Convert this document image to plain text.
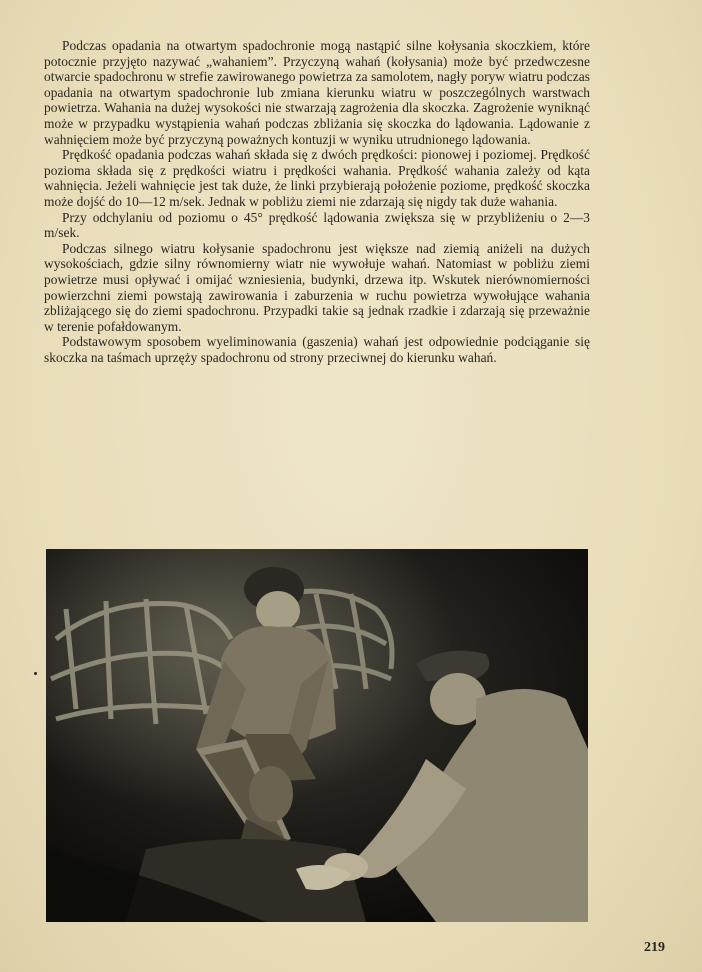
Podczas opadania na otwartym spadochronie mogą nastąpić silne kołysania skoczkiem, które potocznie przyjęto nazywać „wahaniem”. Przyczyną wahań (kołysania) może być przedwczesne otwarcie spadochronu w strefie zawirowanego powietrza za samolotem, nagły poryw wiatru podczas opadania na otwartym spadochronie lub zmiana kierunku wiatru w poszczególnych warstwach powietrza. Wahania na dużej wysokości nie stwarzają zagrożenia dla skoczka. Zagrożenie wyniknąć może w przypadku wystąpienia wahań podczas zbliżania się skoczka do lądowania. Lądowanie z wahnięciem może być przyczyną poważnych kontuzji w wyniku utrudnionego lądowania.

Prędkość opadania podczas wahań składa się z dwóch prędkości: pionowej i poziomej. Prędkość pozioma składa się z prędkości wiatru i prędkości wahania. Prędkość wahania zależy od kąta wahnięcia. Jeżeli wahnięcie jest tak duże, że linki przybierają położenie poziome, prędkość skoczka może dojść do 10—12 m/sek. Jednak w pobliżu ziemi nie zdarzają się nigdy tak duże wahania.

Przy odchylaniu od poziomu o 45° prędkość lądowania zwiększa się w przybliżeniu o 2—3 m/sek.

Podczas silnego wiatru kołysanie spadochronu jest większe nad ziemią aniżeli na dużych wysokościach, gdzie silny równomierny wiatr nie wywołuje wahań. Natomiast w pobliżu ziemi powietrze musi opływać i omijać wzniesienia, budynki, drzewa itp. Wskutek nierównomierności powierzchni ziemi powstają zawirowania i zaburzenia w ruchu powietrza wywołujące wahania zbliżającego się do ziemi spadochronu. Przypadki takie są jednak rzadkie i zdarzają się przeważnie w terenie pofałdowanym.

Podstawowym sposobem wyeliminowania (gaszenia) wahań jest odpowiednie podciąganie się skoczka na taśmach uprzęży spadochronu od strony przeciwnej do kierunku wahań.

219
